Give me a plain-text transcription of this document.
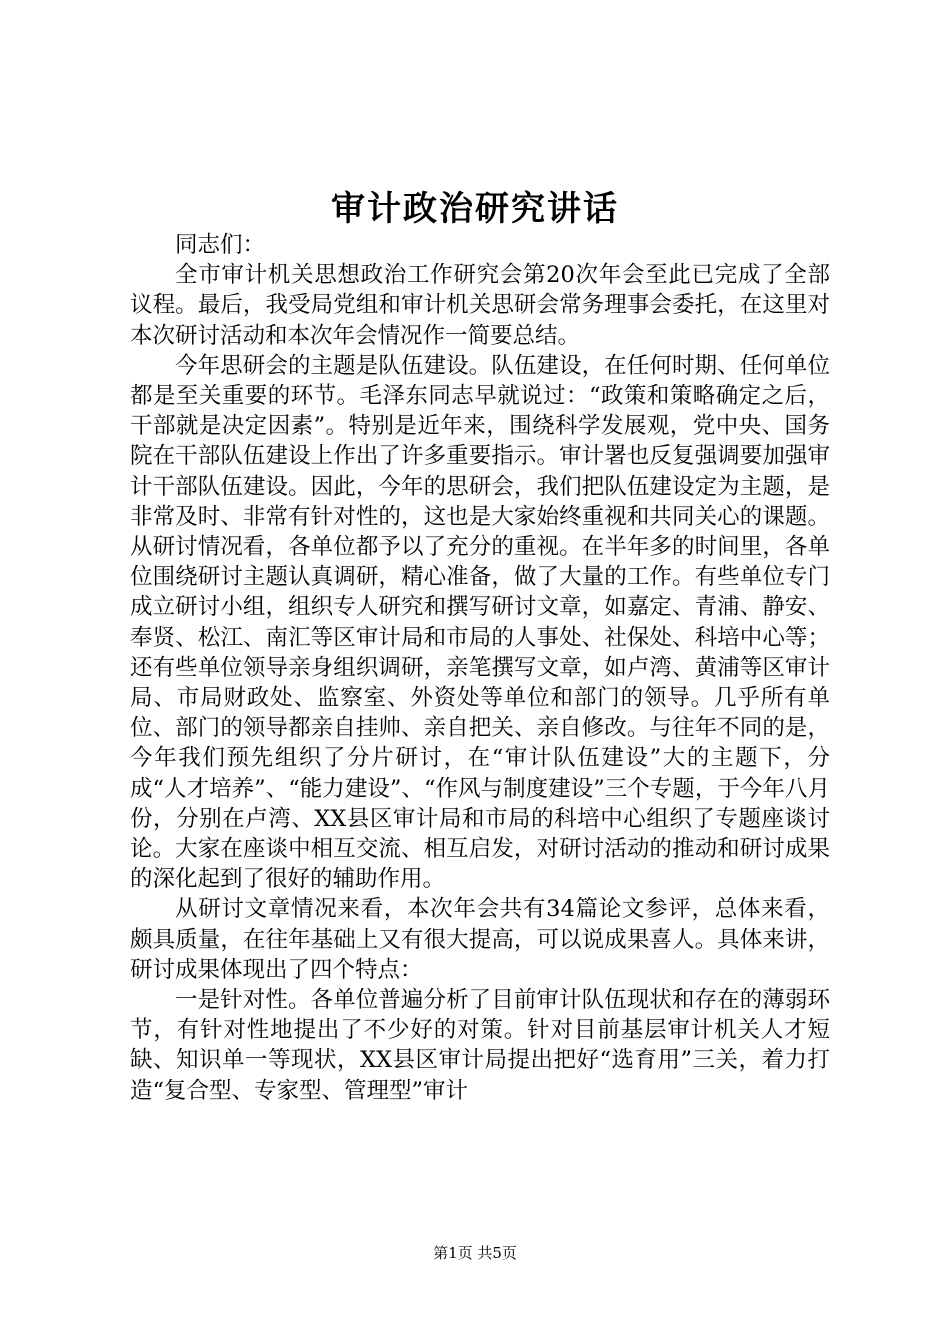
审计政治研究讲话

同志们：

全市审计机关思想政治工作研究会第20次年会至此已完成了全部议程。最后，我受局党组和审计机关思研会常务理事会委托，在这里对本次研讨活动和本次年会情况作一简要总结。

今年思研会的主题是队伍建设。队伍建设，在任何时期、任何单位都是至关重要的环节。毛泽东同志早就说过：“政策和策略确定之后，干部就是决定因素”。特别是近年来，围绕科学发展观，党中央、国务院在干部队伍建设上作出了许多重要指示。审计署也反复强调要加强审计干部队伍建设。因此，今年的思研会，我们把队伍建设定为主题，是非常及时、非常有针对性的，这也是大家始终重视和共同关心的课题。从研讨情况看，各单位都予以了充分的重视。在半年多的时间里，各单位围绕研讨主题认真调研，精心准备，做了大量的工作。有些单位专门成立研讨小组，组织专人研究和撰写研讨文章，如嘉定、青浦、静安、奉贤、松江、南汇等区审计局和市局的人事处、社保处、科培中心等；还有些单位领导亲身组织调研，亲笔撰写文章，如卢湾、黄浦等区审计局、市局财政处、监察室、外资处等单位和部门的领导。几乎所有单位、部门的领导都亲自挂帅、亲自把关、亲自修改。与往年不同的是，今年我们预先组织了分片研讨，在“审计队伍建设”大的主题下，分成“人才培养”、“能力建设”、“作风与制度建设”三个专题，于今年八月份，分别在卢湾、XX县区审计局和市局的科培中心组织了专题座谈讨论。大家在座谈中相互交流、相互启发，对研讨活动的推动和研讨成果的深化起到了很好的辅助作用。

从研讨文章情况来看，本次年会共有34篇论文参评，总体来看，颇具质量，在往年基础上又有很大提高，可以说成果喜人。具体来讲，研讨成果体现出了四个特点：

一是针对性。各单位普遍分析了目前审计队伍现状和存在的薄弱环节，有针对性地提出了不少好的对策。针对目前基层审计机关人才短缺、知识单一等现状，XX县区审计局提出把好“选育用”三关，着力打造“复合型、专家型、管理型”审计

第1页 共5页
